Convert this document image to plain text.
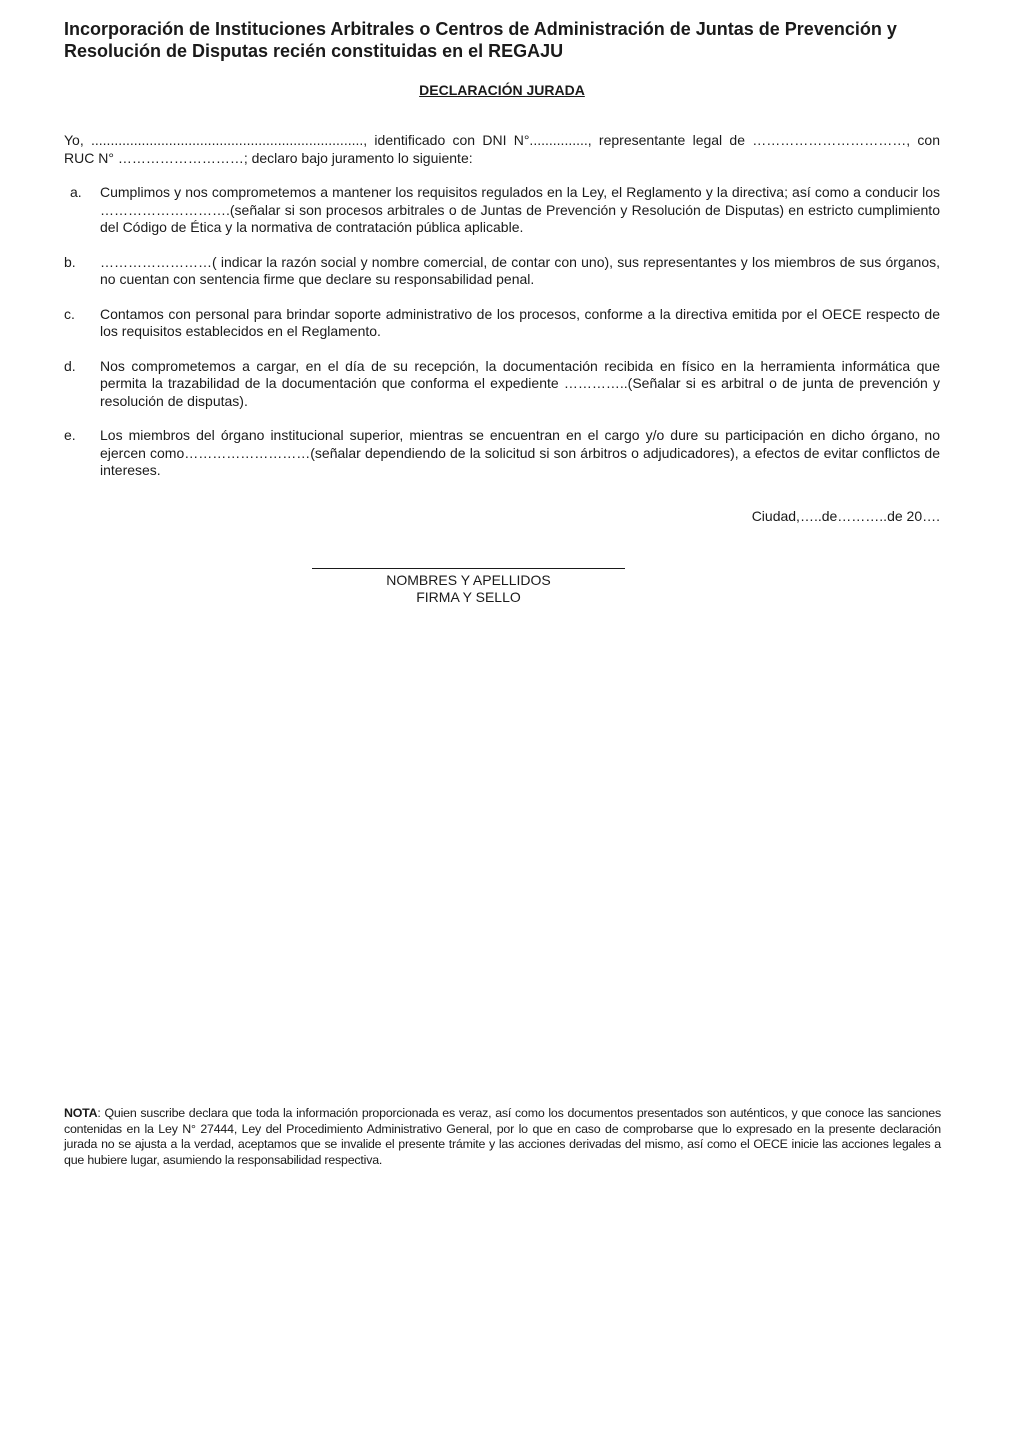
Incorporación de Instituciones Arbitrales o Centros de Administración de Juntas de Prevención y Resolución de Disputas recién constituidas en el REGAJU
DECLARACIÓN JURADA

Yo, ......................................................................, identificado con DNI N°..............., representante legal de ……………………………, con RUC N° ………………………; declaro bajo juramento lo siguiente:

a.	Cumplimos y nos comprometemos a mantener los requisitos regulados en la Ley, el Reglamento y la directiva; así como a conducir los ……………………….(señalar si son procesos arbitrales o de Juntas de Prevención y Resolución de Disputas) en estricto cumplimiento del Código de Ética y la normativa de contratación pública aplicable.
b.	……………………( indicar la razón social y nombre comercial, de contar con uno), sus representantes y los miembros de sus órganos, no cuentan con sentencia firme que declare su responsabilidad penal.
c.	Contamos con personal para brindar soporte administrativo de los procesos, conforme a la directiva emitida por el OECE respecto de los requisitos establecidos en el Reglamento.
d.	Nos comprometemos a cargar, en el día de su recepción, la documentación recibida en físico en la herramienta informática que permita la trazabilidad de la documentación que conforma el expediente …………..(Señalar si es arbitral o de junta de prevención y resolución de disputas).
e.	Los miembros del órgano institucional superior, mientras se encuentran en el cargo y/o dure su participación en dicho órgano, no ejercen como………………………(señalar dependiendo de la solicitud si son árbitros o adjudicadores), a efectos de evitar conflictos de intereses.
Ciudad,…..de………..de 20….
NOMBRES Y APELLIDOS
FIRMA Y SELLO
NOTA: Quien suscribe declara que toda la información proporcionada es veraz, así como los documentos presentados son auténticos, y que conoce las sanciones contenidas en la Ley N° 27444, Ley del Procedimiento Administrativo General, por lo que en caso de comprobarse que lo expresado en la presente declaración jurada no se ajusta a la verdad, aceptamos que se invalide el presente trámite y las acciones derivadas del mismo, así como el OECE inicie las acciones legales a que hubiere lugar, asumiendo la responsabilidad respectiva.
